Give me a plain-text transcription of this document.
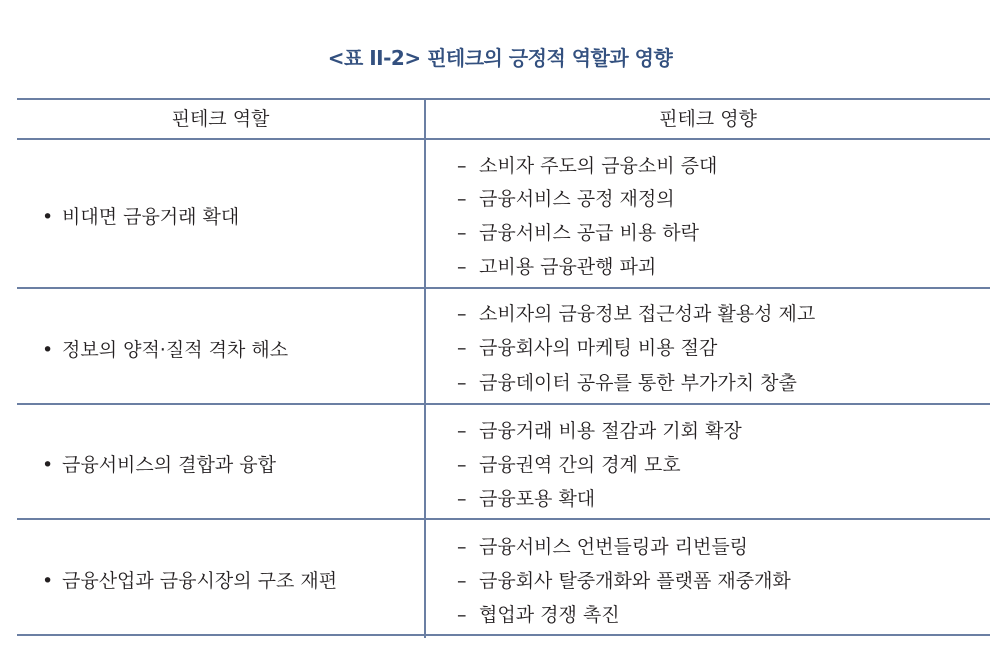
<표 II-2> 핀테크의 긍정적 역할과 영향
핀테크 역할	핀테크 영향
• 비대면 금융거래 확대
– 소비자 주도의 금융소비 증대
– 금융서비스 공정 재정의
– 금융서비스 공급 비용 하락
– 고비용 금융관행 파괴
• 정보의 양적·질적 격차 해소
– 소비자의 금융정보 접근성과 활용성 제고
– 금융회사의 마케팅 비용 절감
– 금융데이터 공유를 통한 부가가치 창출
• 금융서비스의 결합과 융합
– 금융거래 비용 절감과 기회 확장
– 금융권역 간의 경계 모호
– 금융포용 확대
• 금융산업과 금융시장의 구조 재편
– 금융서비스 언번들링과 리번들링
– 금융회사 탈중개화와 플랫폼 재중개화
– 협업과 경쟁 촉진
